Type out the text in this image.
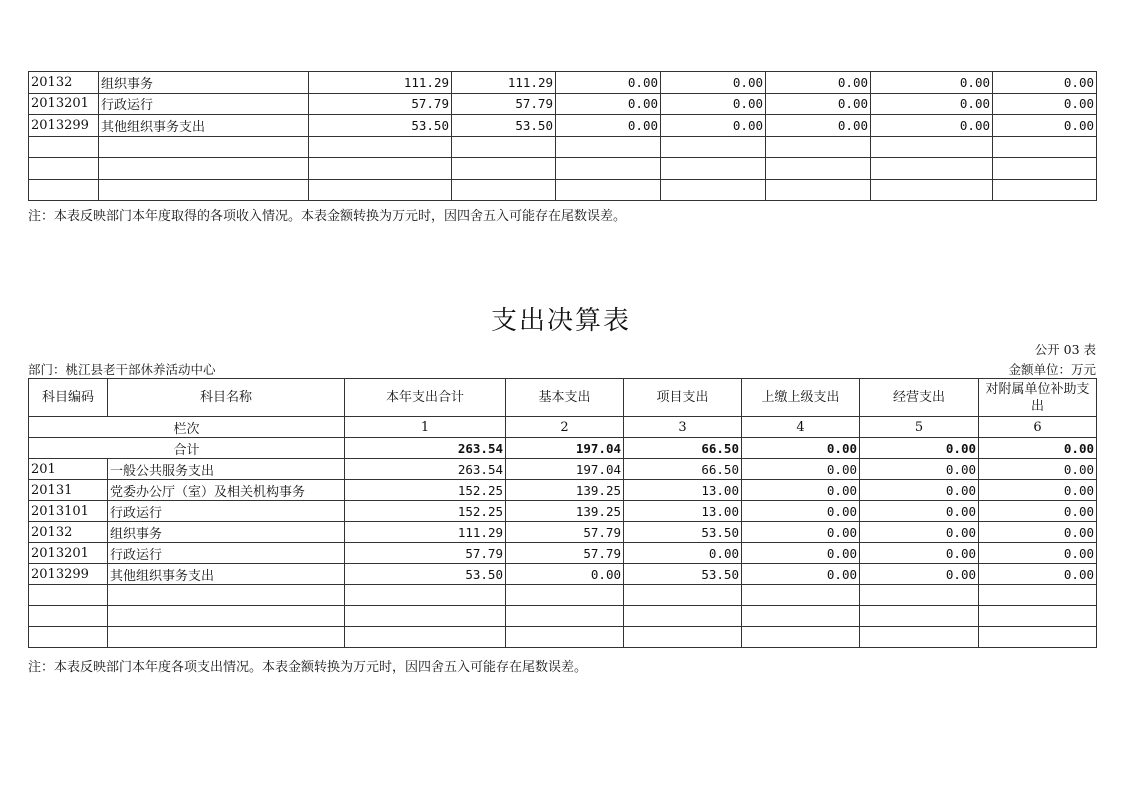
20132	组织事务	111.29	111.29	0.00	0.00	0.00	0.00	0.00
2013201	行政运行	57.79	57.79	0.00	0.00	0.00	0.00	0.00
2013299	其他组织事务支出	53.50	53.50	0.00	0.00	0.00	0.00	0.00

注：本表反映部门本年度取得的各项收入情况。本表金额转换为万元时，因四舍五入可能存在尾数误差。
支出决算表
公开 03 表
部门：桃江县老干部休养活动中心	金额单位：万元
科目编码	科目名称	本年支出合计	基本支出	项目支出	上缴上级支出	经营支出	对附属单位补助支出
栏次		1	2	3	4	5	6
合计		263.54	197.04	66.50	0.00	0.00	0.00
201	一般公共服务支出	263.54	197.04	66.50	0.00	0.00	0.00
20131	党委办公厅（室）及相关机构事务	152.25	139.25	13.00	0.00	0.00	0.00
2013101	行政运行	152.25	139.25	13.00	0.00	0.00	0.00
20132	组织事务	111.29	57.79	53.50	0.00	0.00	0.00
2013201	行政运行	57.79	57.79	0.00	0.00	0.00	0.00
2013299	其他组织事务支出	53.50	0.00	53.50	0.00	0.00	0.00

注：本表反映部门本年度各项支出情况。本表金额转换为万元时，因四舍五入可能存在尾数误差。
